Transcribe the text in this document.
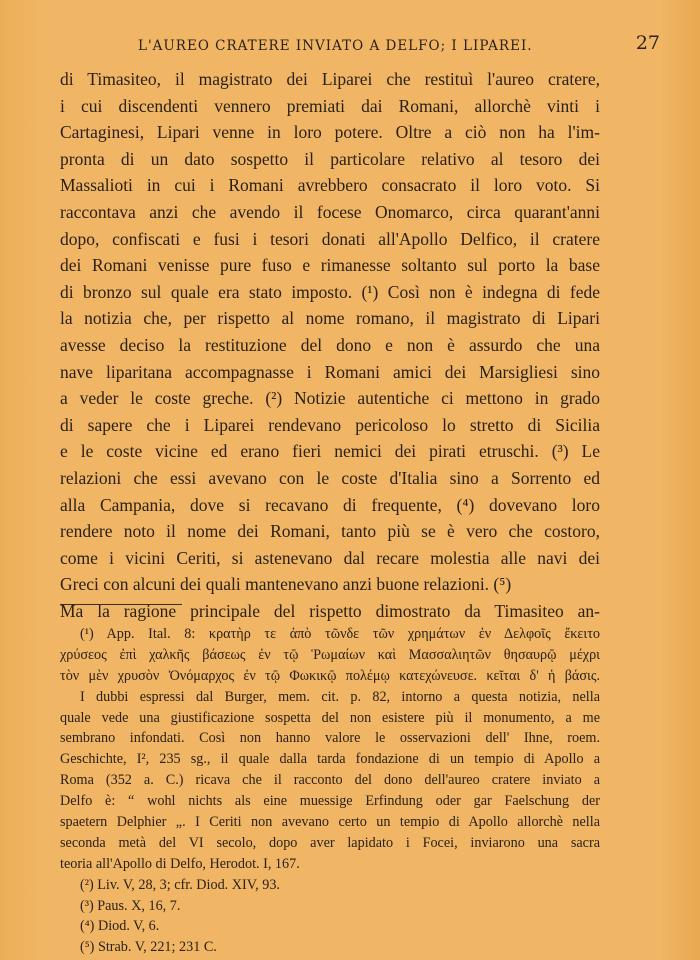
L'AUREO CRATERE INVIATO A DELFO; I LIPAREI.	27
di Timasiteo, il magistrato dei Liparei che restituì l'aureo cratere,
i cui discendenti vennero premiati dai Romani, allorchè vinti i
Cartaginesi, Lipari venne in loro potere. Oltre a ciò non ha l'im-
pronta di un dato sospetto il particolare relativo al tesoro dei
Massalioti in cui i Romani avrebbero consacrato il loro voto. Si
raccontava anzi che avendo il focese Onomarco, circa quarant'anni
dopo, confiscati e fusi i tesori donati all'Apollo Delfico, il cratere
dei Romani venisse pure fuso e rimanesse soltanto sul porto la base
di bronzo sul quale era stato imposto. (¹) Così non è indegna di fede
la notizia che, per rispetto al nome romano, il magistrato di Lipari
avesse deciso la restituzione del dono e non è assurdo che una
nave liparitana accompagnasse i Romani amici dei Marsigliesi sino
a veder le coste greche. (²) Notizie autentiche ci mettono in grado
di sapere che i Liparei rendevano pericoloso lo stretto di Sicilia
e le coste vicine ed erano fieri nemici dei pirati etruschi. (³) Le
relazioni che essi avevano con le coste d'Italia sino a Sorrento ed
alla Campania, dove si recavano di frequente, (⁴) dovevano loro
rendere noto il nome dei Romani, tanto più se è vero che costoro,
come i vicini Ceriti, si astenevano dal recare molestia alle navi dei
Greci con alcuni dei quali mantenevano anzi buone relazioni. (⁵)
Ma la ragione principale del rispetto dimostrato da Timasiteo an-
(¹) App. Ital. 8: κρατὴρ τε ἀπὸ τῶνδε τῶν χρημάτων ἐν Δελφοῖς ἔκειτο
χρύσεος ἐπὶ χαλκῆς βάσεως ἐν τῷ Ῥωμαίων καὶ Μασσαλιητῶν θησαυρῷ μέχρι
τὸν μὲν χρυσὸν Ὀνόμαρχος ἐν τῷ Φωκικῷ πολέμῳ κατεχώνευσε. κεῖται δ' ἡ βάσις.
I dubbi espressi dal Burger, mem. cit. p. 82, intorno a questa notizia, nella
quale vede una giustificazione sospetta del non esistere più il monumento, a me
sembrano infondati. Così non hanno valore le osservazioni dell' Ihne, roem.
Geschichte, I², 235 sg., il quale dalla tarda fondazione di un tempio di Apollo a
Roma (352 a. C.) ricava che il racconto del dono dell'aureo cratere inviato a
Delfo è: “ wohl nichts als eine muessige Erfindung oder gar Faelschung der
spaetern Delphier „. I Ceriti non avevano certo un tempio di Apollo allorchè nella
seconda metà del VI secolo, dopo aver lapidato i Focei, inviarono una sacra
teoria all'Apollo di Delfo, Herodot. I, 167.
(²) Liv. V, 28, 3; cfr. Diod. XIV, 93.
(³) Paus. X, 16, 7.
(⁴) Diod. V, 6.
(⁵) Strab. V, 221; 231 C.
